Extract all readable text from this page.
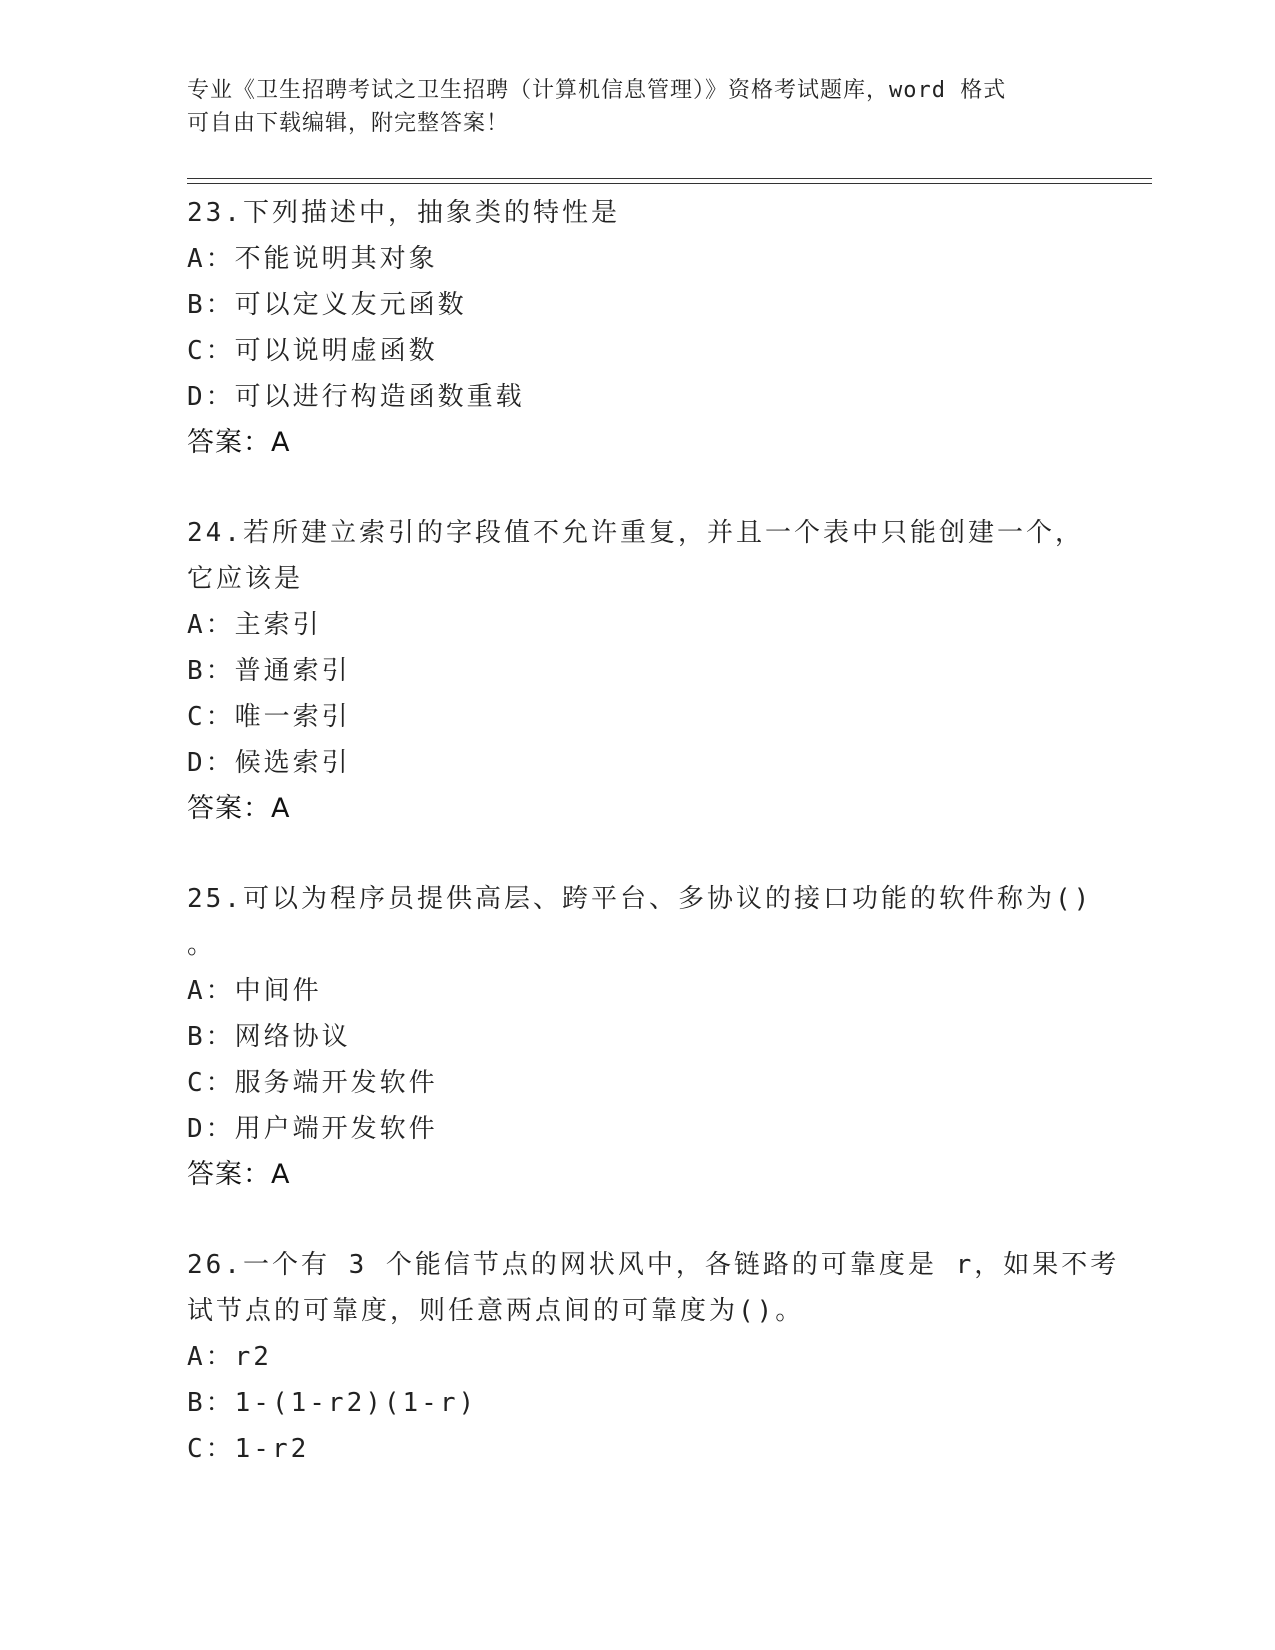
专业《卫生招聘考试之卫生招聘（计算机信息管理）》资格考试题库，word 格式
可自由下载编辑，附完整答案！
23.下列描述中，抽象类的特性是
A：不能说明其对象
B：可以定义友元函数
C：可以说明虚函数
D：可以进行构造函数重载
答案：A
24.若所建立索引的字段值不允许重复，并且一个表中只能创建一个，
它应该是
A：主索引
B：普通索引
C：唯一索引
D：候选索引
答案：A
25.可以为程序员提供高层、跨平台、多协议的接口功能的软件称为()
。
A：中间件
B：网络协议
C：服务端开发软件
D：用户端开发软件
答案：A
26.一个有 3 个能信节点的网状风中，各链路的可靠度是 r，如果不考
试节点的可靠度，则任意两点间的可靠度为()。
A：r2
B：1-(1-r2)(1-r)
C：1-r2
